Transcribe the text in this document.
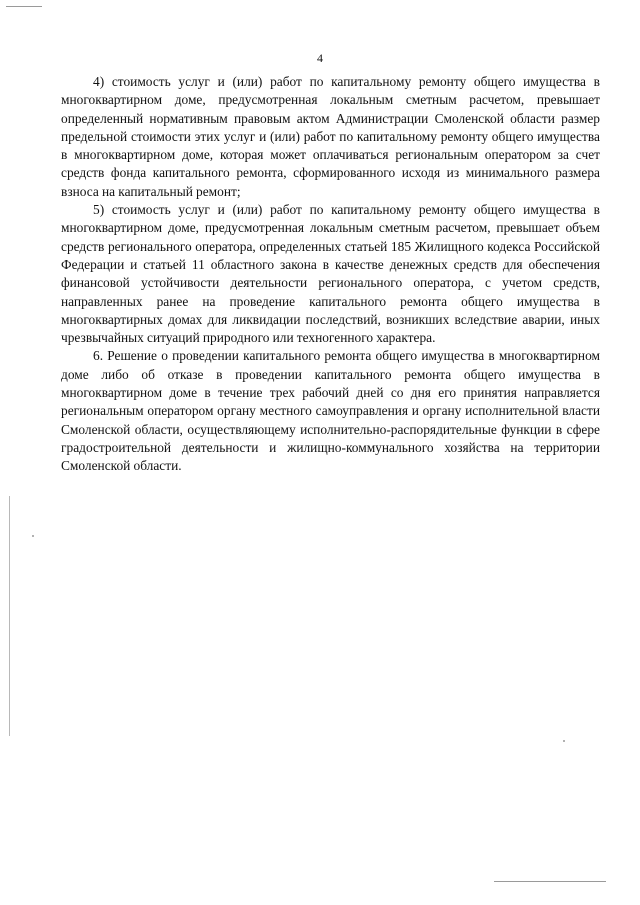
4

4) стоимость услуг и (или) работ по капитальному ремонту общего имущества в многоквартирном доме, предусмотренная локальным сметным расчетом, превышает определенный нормативным правовым актом Администрации Смоленской области размер предельной стоимости этих услуг и (или) работ по капитальному ремонту общего имущества в многоквартирном доме, которая может оплачиваться региональным оператором за счет средств фонда капитального ремонта, сформированного исходя из минимального размера взноса на капитальный ремонт;

5) стоимость услуг и (или) работ по капитальному ремонту общего имущества в многоквартирном доме, предусмотренная локальным сметным расчетом, превышает объем средств регионального оператора, определенных статьей 185 Жилищного кодекса Российской Федерации и статьей 11 областного закона в качестве денежных средств для обеспечения финансовой устойчивости деятельности регионального оператора, с учетом средств, направленных ранее на проведение капитального ремонта общего имущества в многоквартирных домах для ликвидации последствий, возникших вследствие аварии, иных чрезвычайных ситуаций природного или техногенного характера.

6. Решение о проведении капитального ремонта общего имущества в многоквартирном доме либо об отказе в проведении капитального ремонта общего имущества в многоквартирном доме в течение трех рабочий дней со дня его принятия направляется региональным оператором органу местного самоуправления и органу исполнительной власти Смоленской области, осуществляющему исполнительно-распорядительные функции в сфере градостроительной деятельности и жилищно-коммунального хозяйства на территории Смоленской области.
